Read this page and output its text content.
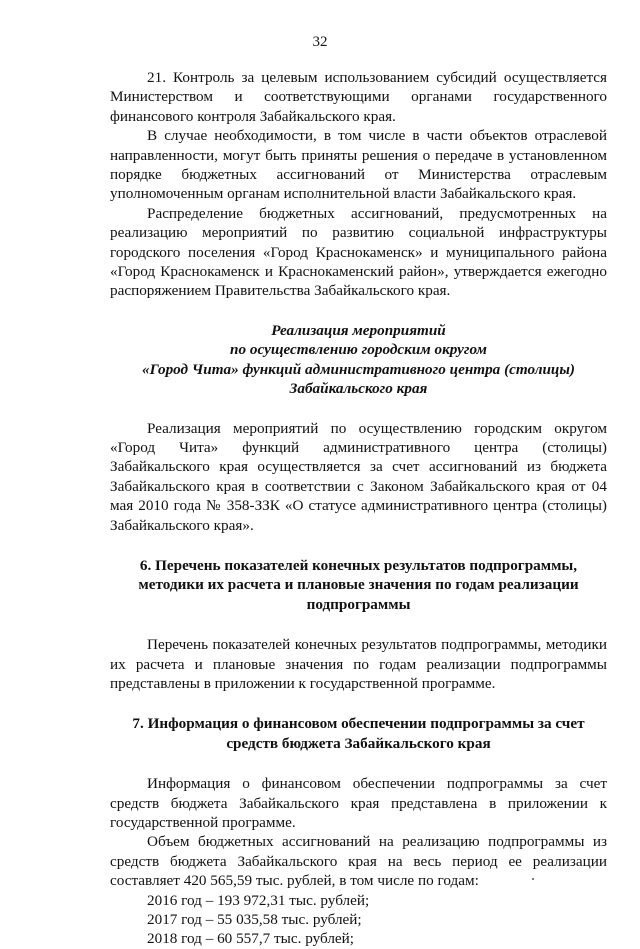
32

21. Контроль за целевым использованием субсидий осуществляется Министерством и соответствующими органами государственного финансового контроля Забайкальского края.

В случае необходимости, в том числе в части объектов отраслевой направленности, могут быть приняты решения о передаче в установленном порядке бюджетных ассигнований от Министерства отраслевым уполномоченным органам исполнительной власти Забайкальского края.

Распределение бюджетных ассигнований, предусмотренных на реализацию мероприятий по развитию социальной инфраструктуры городского поселения «Город Краснокаменск» и муниципального района «Город Краснокаменск и Краснокаменский район», утверждается ежегодно распоряжением Правительства Забайкальского края.

Реализация мероприятий
по осуществлению городским округом
«Город Чита» функций административного центра (столицы)
Забайкальского края

Реализация мероприятий по осуществлению городским округом «Город Чита» функций административного центра (столицы) Забайкальского края осуществляется за счет ассигнований из бюджета Забайкальского края в соответствии с Законом Забайкальского края от 04 мая 2010 года № 358-ЗЗК «О статусе административного центра (столицы) Забайкальского края».

6. Перечень показателей конечных результатов подпрограммы,
методики их расчета и плановые значения по годам реализации
подпрограммы

Перечень показателей конечных результатов подпрограммы, методики их расчета и плановые значения по годам реализации подпрограммы представлены в приложении к государственной программе.

7. Информация о финансовом обеспечении подпрограммы за счет
средств бюджета Забайкальского края

Информация о финансовом обеспечении подпрограммы за счет средств бюджета Забайкальского края представлена в приложении к государственной программе.

Объем бюджетных ассигнований на реализацию подпрограммы из средств бюджета Забайкальского края на весь период ее реализации составляет 420 565,59 тыс. рублей, в том числе по годам:

2016 год – 193 972,31 тыс. рублей;

2017 год – 55 035,58 тыс. рублей;

2018 год – 60 557,7 тыс. рублей;
